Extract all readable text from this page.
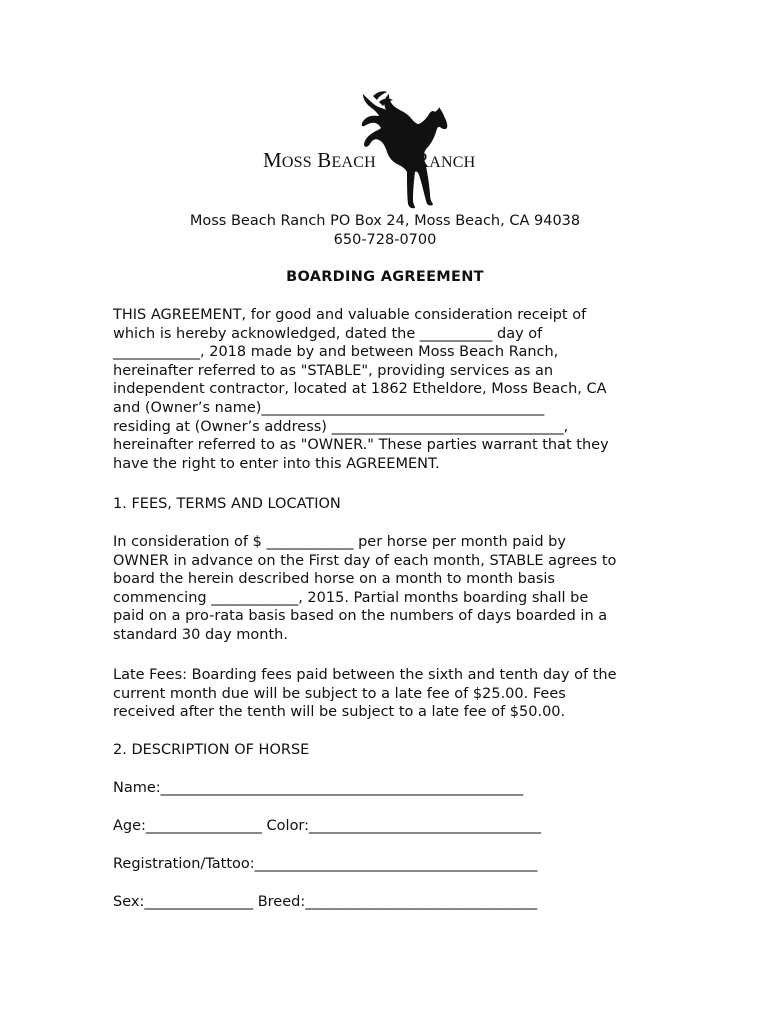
MOSS BEACH RANCH
Moss Beach Ranch PO Box 24, Moss Beach, CA 94038
650-728-0700
BOARDING AGREEMENT
THIS AGREEMENT, for good and valuable consideration receipt of
which is hereby acknowledged, dated the __________ day of
____________, 2018 made by and between Moss Beach Ranch,
hereinafter referred to as "STABLE", providing services as an
independent contractor, located at 1862 Etheldore, Moss Beach, CA
and (Owner’s name)_______________________________________
residing at (Owner’s address) ________________________________,
hereinafter referred to as "OWNER." These parties warrant that they
have the right to enter into this AGREEMENT.
1. FEES, TERMS AND LOCATION
In consideration of $ ____________ per horse per month paid by
OWNER in advance on the First day of each month, STABLE agrees to
board the herein described horse on a month to month basis
commencing ____________, 2015. Partial months boarding shall be
paid on a pro-rata basis based on the numbers of days boarded in a
standard 30 day month.
Late Fees: Boarding fees paid between the sixth and tenth day of the
current month due will be subject to a late fee of $25.00. Fees
received after the tenth will be subject to a late fee of $50.00.
2. DESCRIPTION OF HORSE
Name:__________________________________________________
Age:________________ Color:________________________________
Registration/Tattoo:_______________________________________
Sex:_______________ Breed:________________________________
